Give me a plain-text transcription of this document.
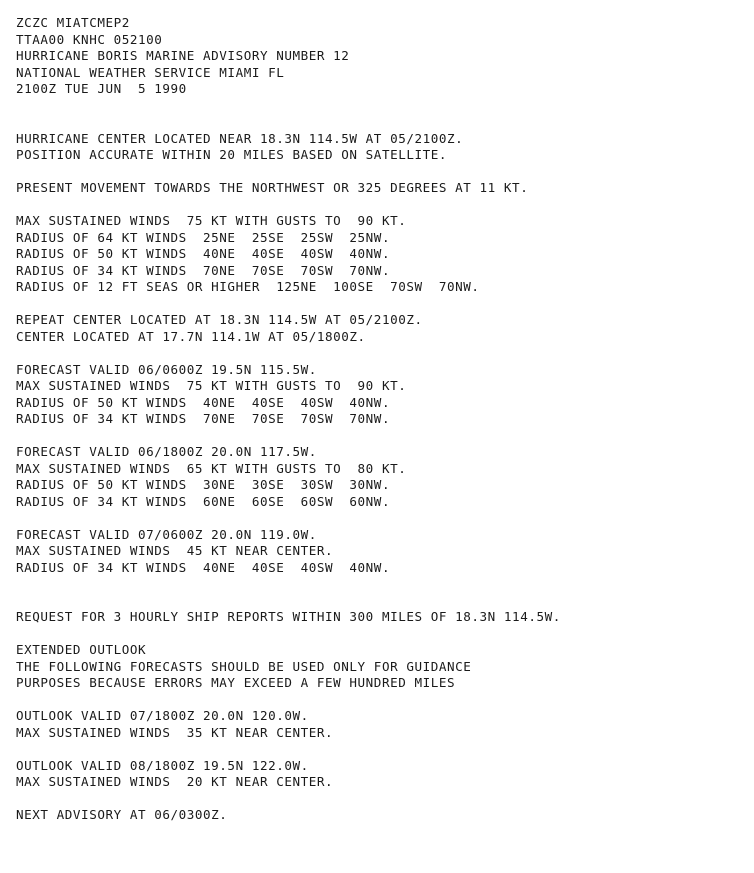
ZCZC MIATCMEP2
TTAA00 KNHC 052100
HURRICANE BORIS MARINE ADVISORY NUMBER 12
NATIONAL WEATHER SERVICE MIAMI FL
2100Z TUE JUN  5 1990
HURRICANE CENTER LOCATED NEAR 18.3N 114.5W AT 05/2100Z.
POSITION ACCURATE WITHIN 20 MILES BASED ON SATELLITE.
PRESENT MOVEMENT TOWARDS THE NORTHWEST OR 325 DEGREES AT 11 KT.
MAX SUSTAINED WINDS  75 KT WITH GUSTS TO  90 KT.
RADIUS OF 64 KT WINDS  25NE  25SE  25SW  25NW.
RADIUS OF 50 KT WINDS  40NE  40SE  40SW  40NW.
RADIUS OF 34 KT WINDS  70NE  70SE  70SW  70NW.
RADIUS OF 12 FT SEAS OR HIGHER  125NE  100SE  70SW  70NW.
REPEAT CENTER LOCATED AT 18.3N 114.5W AT 05/2100Z.
CENTER LOCATED AT 17.7N 114.1W AT 05/1800Z.
FORECAST VALID 06/0600Z 19.5N 115.5W.
MAX SUSTAINED WINDS  75 KT WITH GUSTS TO  90 KT.
RADIUS OF 50 KT WINDS  40NE  40SE  40SW  40NW.
RADIUS OF 34 KT WINDS  70NE  70SE  70SW  70NW.
FORECAST VALID 06/1800Z 20.0N 117.5W.
MAX SUSTAINED WINDS  65 KT WITH GUSTS TO  80 KT.
RADIUS OF 50 KT WINDS  30NE  30SE  30SW  30NW.
RADIUS OF 34 KT WINDS  60NE  60SE  60SW  60NW.
FORECAST VALID 07/0600Z 20.0N 119.0W.
MAX SUSTAINED WINDS  45 KT NEAR CENTER.
RADIUS OF 34 KT WINDS  40NE  40SE  40SW  40NW.
REQUEST FOR 3 HOURLY SHIP REPORTS WITHIN 300 MILES OF 18.3N 114.5W.
EXTENDED OUTLOOK
THE FOLLOWING FORECASTS SHOULD BE USED ONLY FOR GUIDANCE
PURPOSES BECAUSE ERRORS MAY EXCEED A FEW HUNDRED MILES
OUTLOOK VALID 07/1800Z 20.0N 120.0W.
MAX SUSTAINED WINDS  35 KT NEAR CENTER.
OUTLOOK VALID 08/1800Z 19.5N 122.0W.
MAX SUSTAINED WINDS  20 KT NEAR CENTER.
NEXT ADVISORY AT 06/0300Z.
